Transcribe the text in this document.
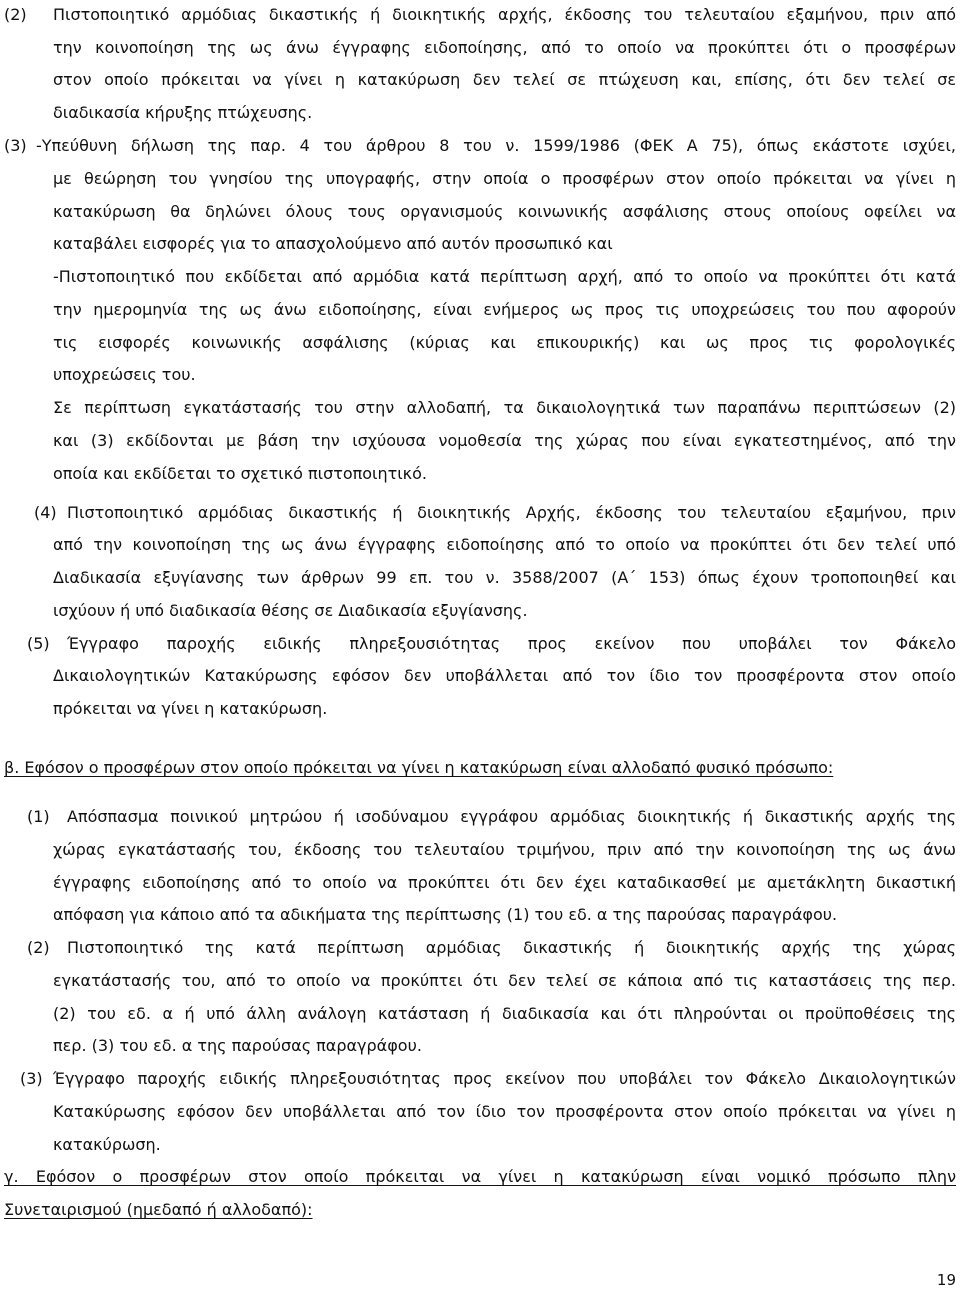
(2) Πιστοποιητικό αρμόδιας δικαστικής ή διοικητικής αρχής, έκδοσης του τελευταίου εξαμήνου, πριν από
την κοινοποίηση της ως άνω έγγραφης ειδοποίησης, από το οποίο να προκύπτει ότι ο προσφέρων
στον οποίο πρόκειται να γίνει η κατακύρωση δεν τελεί σε πτώχευση και, επίσης, ότι δεν τελεί σε
διαδικασία κήρυξης πτώχευσης.
(3) -Υπεύθυνη δήλωση της παρ. 4 του άρθρου 8 του ν. 1599/1986 (ΦΕΚ Α 75), όπως εκάστοτε ισχύει,
με θεώρηση του γνησίου της υπογραφής, στην οποία ο προσφέρων στον οποίο πρόκειται να γίνει η
κατακύρωση θα δηλώνει όλους τους οργανισμούς κοινωνικής ασφάλισης στους οποίους οφείλει να
καταβάλει εισφορές για το απασχολούμενο από αυτόν προσωπικό και
-Πιστοποιητικό που εκδίδεται από αρμόδια κατά περίπτωση αρχή, από το οποίο να προκύπτει ότι κατά
την ημερομηνία της ως άνω ειδοποίησης, είναι ενήμερος ως προς τις υποχρεώσεις του που αφορούν
τις εισφορές κοινωνικής ασφάλισης (κύριας και επικουρικής) και ως προς τις φορολογικές
υποχρεώσεις του.
Σε περίπτωση εγκατάστασής του στην αλλοδαπή, τα δικαιολογητικά των παραπάνω περιπτώσεων (2)
και (3) εκδίδονται με βάση την ισχύουσα νομοθεσία της χώρας που είναι εγκατεστημένος, από την
οποία και εκδίδεται το σχετικό πιστοποιητικό.
(4) Πιστοποιητικό αρμόδιας δικαστικής ή διοικητικής Αρχής, έκδοσης του τελευταίου εξαμήνου, πριν
από την κοινοποίηση της ως άνω έγγραφης ειδοποίησης από το οποίο να προκύπτει ότι δεν τελεί υπό
Διαδικασία εξυγίανσης των άρθρων 99 επ. του ν. 3588/2007 (Α΄ 153) όπως έχουν τροποποιηθεί και
ισχύουν ή υπό διαδικασία θέσης σε Διαδικασία εξυγίανσης.
(5) Έγγραφο παροχής ειδικής πληρεξουσιότητας προς εκείνον που υποβάλει τον Φάκελο
Δικαιολογητικών Κατακύρωσης εφόσον δεν υποβάλλεται από τον ίδιο τον προσφέροντα στον οποίο
πρόκειται να γίνει η κατακύρωση.
β. Εφόσον ο προσφέρων στον οποίο πρόκειται να γίνει η κατακύρωση είναι αλλοδαπό φυσικό πρόσωπο:
(1) Απόσπασμα ποινικού μητρώου ή ισοδύναμου εγγράφου αρμόδιας διοικητικής ή δικαστικής αρχής της
χώρας εγκατάστασής του, έκδοσης του τελευταίου τριμήνου, πριν από την κοινοποίηση της ως άνω
έγγραφης ειδοποίησης από το οποίο να προκύπτει ότι δεν έχει καταδικασθεί με αμετάκλητη δικαστική
απόφαση για κάποιο από τα αδικήματα της περίπτωσης (1) του εδ. α της παρούσας παραγράφου.
(2) Πιστοποιητικό της κατά περίπτωση αρμόδιας δικαστικής ή διοικητικής αρχής της χώρας
εγκατάστασής του, από το οποίο να προκύπτει ότι δεν τελεί σε κάποια από τις καταστάσεις της περ.
(2) του εδ. α ή υπό άλλη ανάλογη κατάσταση ή διαδικασία και ότι πληρούνται οι προϋποθέσεις της
περ. (3) του εδ. α της παρούσας παραγράφου.
(3) Έγγραφο παροχής ειδικής πληρεξουσιότητας προς εκείνον που υποβάλει τον Φάκελο Δικαιολογητικών
Κατακύρωσης εφόσον δεν υποβάλλεται από τον ίδιο τον προσφέροντα στον οποίο πρόκειται να γίνει η
κατακύρωση.
γ. Εφόσον ο προσφέρων στον οποίο πρόκειται να γίνει η κατακύρωση είναι νομικό πρόσωπο πλην
Συνεταιρισμού (ημεδαπό ή αλλοδαπό):
19
